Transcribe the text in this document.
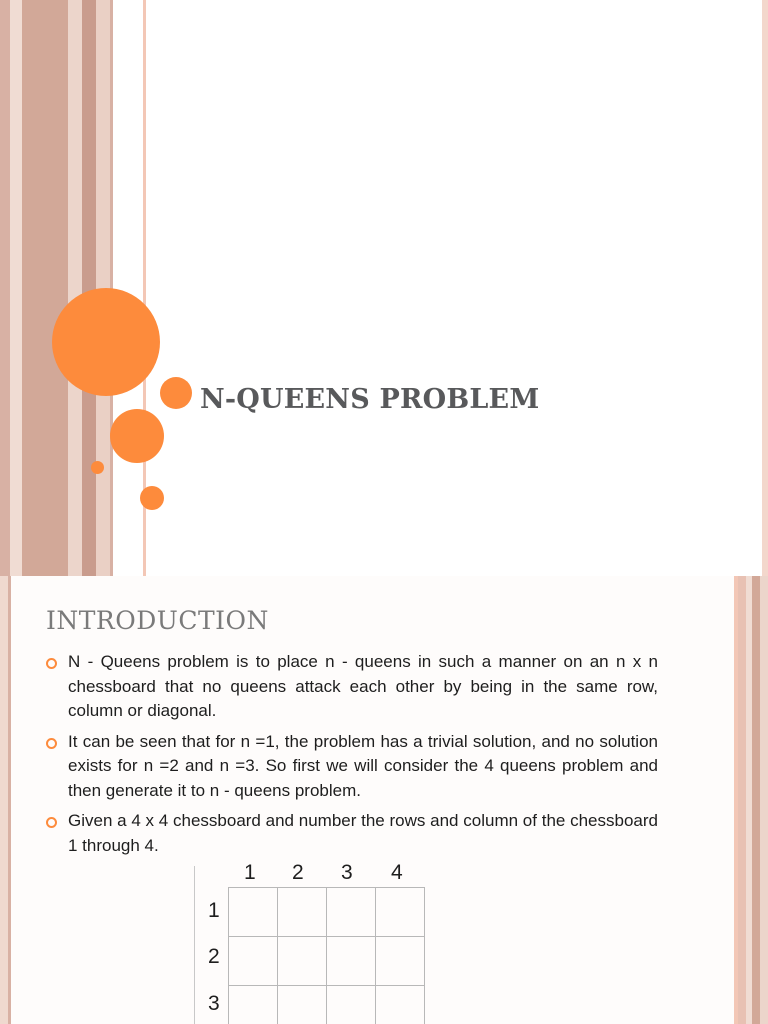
N-QUEENS PROBLEM
INTRODUCTION
N - Queens problem is to place n - queens in such a manner on an n x n chessboard that no queens attack each other by being in the same row, column or diagonal.
It can be seen that for n =1, the problem has a trivial solution, and no solution exists for n =2 and n =3. So first we will consider the 4 queens problem and then generate it to n - queens problem.
Given a 4 x 4 chessboard and number the rows and column of the chessboard 1 through 4.
1 2 3 4
1
2
3
